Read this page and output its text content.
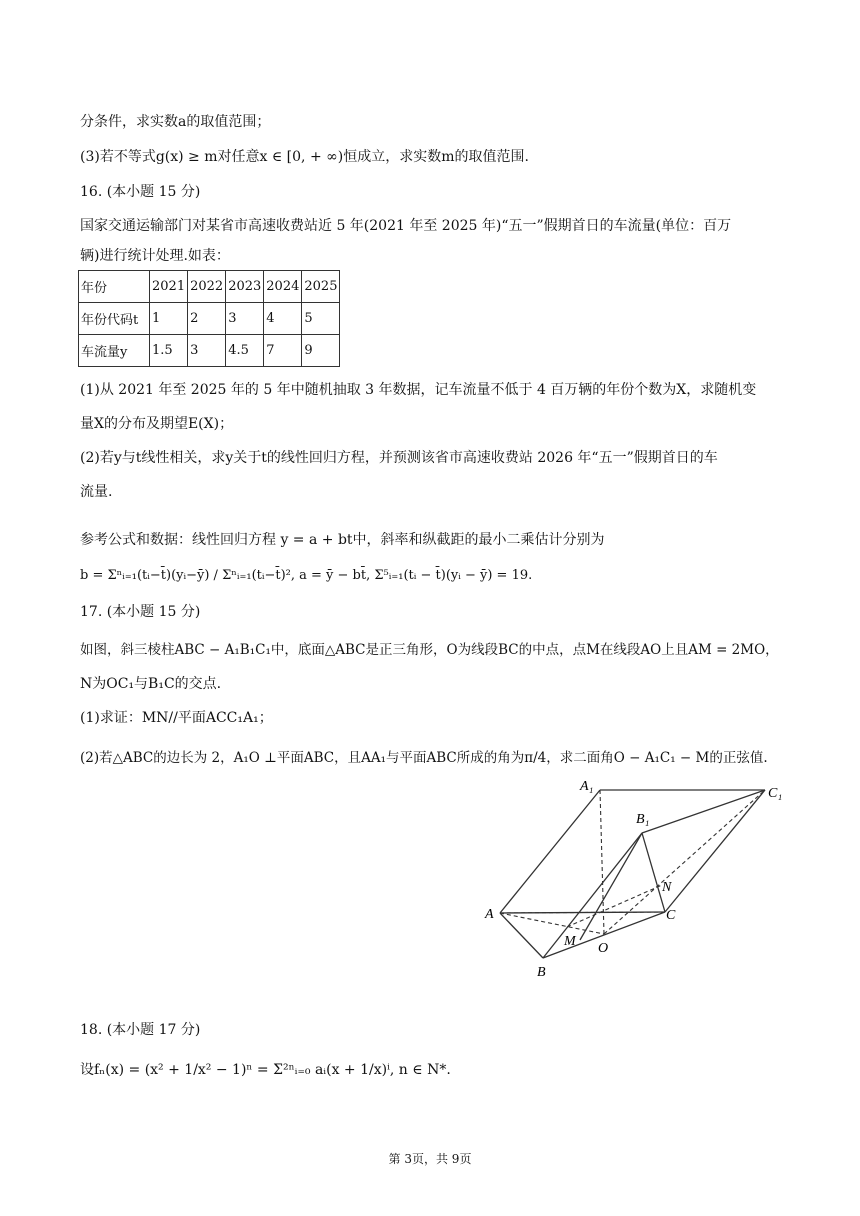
分条件，求实数a的取值范围；
(3)若不等式g(x) ≥ m对任意x ∈ [0, + ∞)恒成立，求实数m的取值范围.
16. (本小题 15 分)
国家交通运输部门对某省市高速收费站近 5 年(2021 年至 2025 年)“五一”假期首日的车流量(单位：百万
辆)进行统计处理.如表：
年份	2021	2022	2023	2024	2025
年份代码t	1	2	3	4	5
车流量y	1.5	3	4.5	7	9
(1)从 2021 年至 2025 年的 5 年中随机抽取 3 年数据，记车流量不低于 4 百万辆的年份个数为X，求随机变
量X的分布及期望E(X)；
(2)若y与t线性相关，求y关于t的线性回归方程，并预测该省市高速收费站 2026 年“五一”假期首日的车
流量.
参考公式和数据：线性回归方程 y = a + bt中，斜率和纵截距的最小二乘估计分别为
b = Σⁿᵢ₌₁(tᵢ−t̄)(yᵢ−ȳ) / Σⁿᵢ₌₁(tᵢ−t̄)², a = ȳ − bt̄, Σ⁵ᵢ₌₁(tᵢ − t̄)(yᵢ − ȳ) = 19.
17. (本小题 15 分)
如图，斜三棱柱ABC − A₁B₁C₁中，底面△ABC是正三角形，O为线段BC的中点，点M在线段AO上且AM = 2MO，
N为OC₁与B₁C的交点.
(1)求证：MN//平面ACC₁A₁；
(2)若△ABC的边长为 2，A₁O ⊥平面ABC，且AA₁与平面ABC所成的角为π/4，求二面角O − A₁C₁ − M的正弦值.
A₁	C₁
B₁
A	C
N
M O
B
18. (本小题 17 分)
设fₙ(x) = (x² + 1/x² − 1)ⁿ = Σ²ⁿᵢ₌₀ aᵢ(x + 1/x)ⁱ, n ∈ N*.
第 3页，共 9页
